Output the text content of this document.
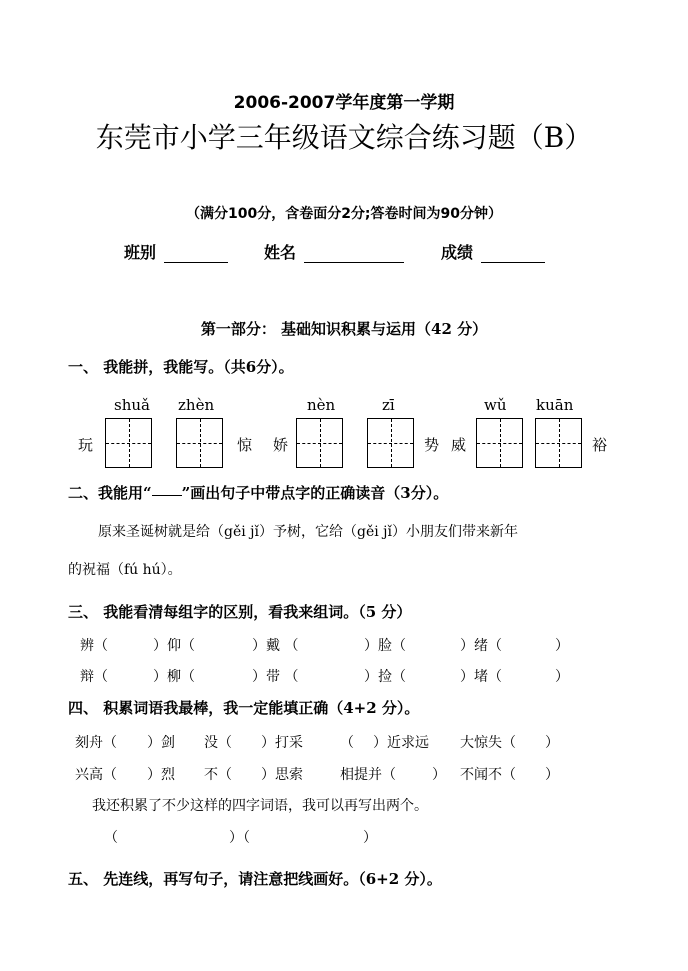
2006-2007学年度第一学期
东莞市小学三年级语文综合练习题（B）
（满分100分，含卷面分2分;答卷时间为90分钟）
班别	姓名	成绩
第一部分： 基础知识积累与运用（42 分）
一、 我能拼，我能写。（共6分）。
shuǎ zhèn	nèn	zī	wǔ kuān
玩	惊 娇	势 威	裕
二、我能用“ ”画出句子中带点字的正确读音（3分）。
原来圣诞树就是给（gěi jǐ）予树，它给（gěi jǐ）小朋友们带来新年
的祝福（fú hú）。
三、 我能看清每组字的区别，看我来组词。（5 分）
辨（	）仰（	）戴 （	）脸（	）绪（	）
辩（	）柳（	）带 （	）捡（	）堵（	）
四、 积累词语我最棒，我一定能填正确（4+2 分）。
刻舟（ ）剑 没（ ）打采	（ ）近求远 大惊失（ ）
兴高（ ）烈 不（ ）思索	相提并（	） 不闻不（ ）
我还积累了不少这样的四字词语，我可以再写出两个。
（	）（	）
五、 先连线，再写句子，请注意把线画好。（6+2 分）。
